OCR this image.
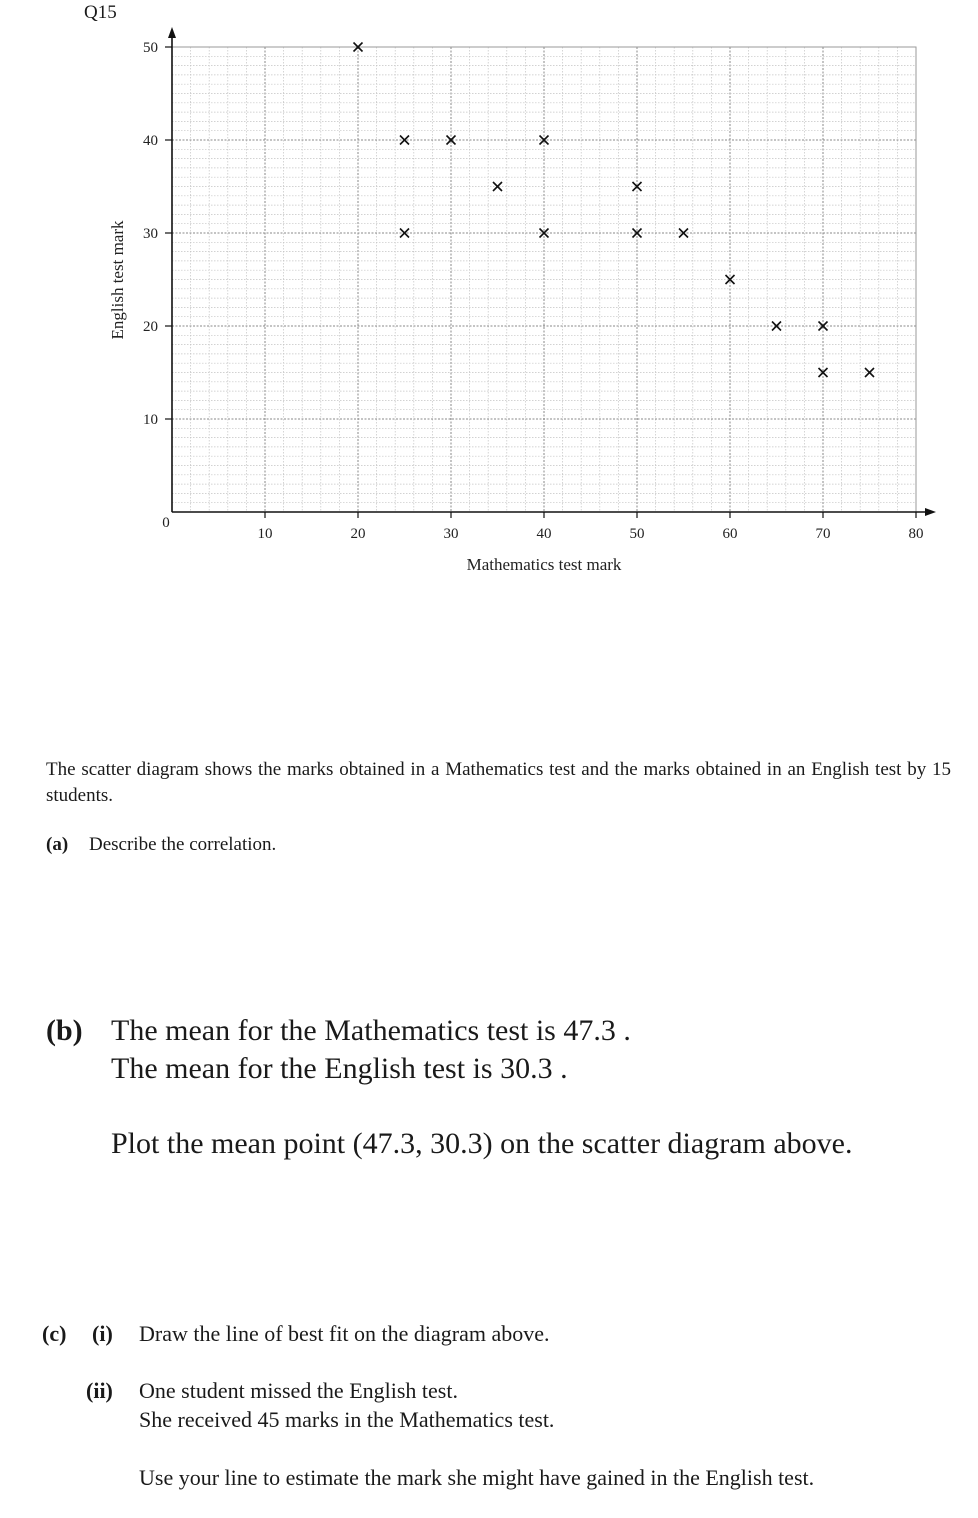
Q15
10
20
30
40
50
10	20	30	40	50	60	70	80
0
Mathematics test mark
English test mark

The scatter diagram shows the marks obtained in a Mathematics test and the marks obtained in an English test by 15 students.

(a) Describe the correlation.
(b) The mean for the Mathematics test is 47.3 .
The mean for the English test is 30.3 .
Plot the mean point (47.3, 30.3) on the scatter diagram above.
(c) (i) Draw the line of best fit on the diagram above.
(ii) One student missed the English test.
She received 45 marks in the Mathematics test.
Use your line to estimate the mark she might have gained in the English test.
